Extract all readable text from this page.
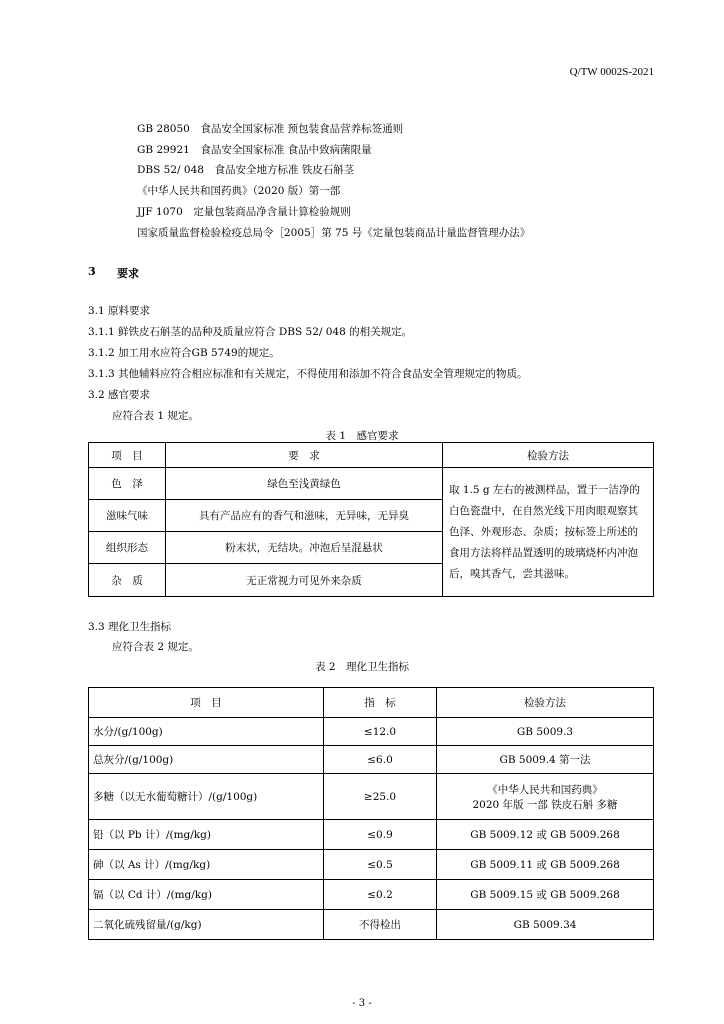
Q/TW 0002S-2021
GB 28050　食品安全国家标准 预包装食品营养标签通则
GB 29921　食品安全国家标准 食品中致病菌限量
DBS 52/ 048　食品安全地方标准 铁皮石斛茎
《中华人民共和国药典》（2020 版）第一部
JJF 1070　定量包装商品净含量计算检验规则
国家质量监督检验检疫总局令［2005］第 75 号《定量包装商品计量监督管理办法》
3 要求
3.1 原料要求
3.1.1 鲜铁皮石斛茎的品种及质量应符合 DBS 52/ 048 的相关规定。
3.1.2 加工用水应符合GB 5749的规定。
3.1.3 其他辅料应符合相应标准和有关规定，不得使用和添加不符合食品安全管理规定的物质。
3.2 感官要求
应符合表 1 规定。
表 1　感官要求
项　目	要　求	检验方法
色　泽	绿色至浅黄绿色	取 1.5 g 左右的被测样品，置于一洁净的白色瓷盘中，在自然光线下用肉眼观察其色泽、外观形态、杂质；按标签上所述的食用方法将样品置透明的玻璃烧杯内冲泡后，嗅其香气，尝其滋味。
滋味气味	具有产品应有的香气和滋味，无异味，无异臭	
组织形态	粉末状，无结块。冲泡后呈混悬状	
杂　质	无正常视力可见外来杂质	
3.3 理化卫生指标
应符合表 2 规定。
表 2　理化卫生指标
项　目	指　标	检验方法
水分/(g/100g)	≤12.0	GB 5009.3
总灰分/(g/100g)	≤6.0	GB 5009.4 第一法
多糖（以无水葡萄糖计）/(g/100g)	≥25.0	《中华人民共和国药典》
2020 年版 一部 铁皮石斛 多糖

铅（以 Pb 计）/(mg/kg)	≤0.9	GB 5009.12 或 GB 5009.268
砷（以 As 计）/(mg/kg)	≤0.5	GB 5009.11 或 GB 5009.268
镉（以 Cd 计）/(mg/kg)	≤0.2	GB 5009.15 或 GB 5009.268
二氧化硫残留量/(g/kg)	不得检出	GB 5009.34
- 3 -
